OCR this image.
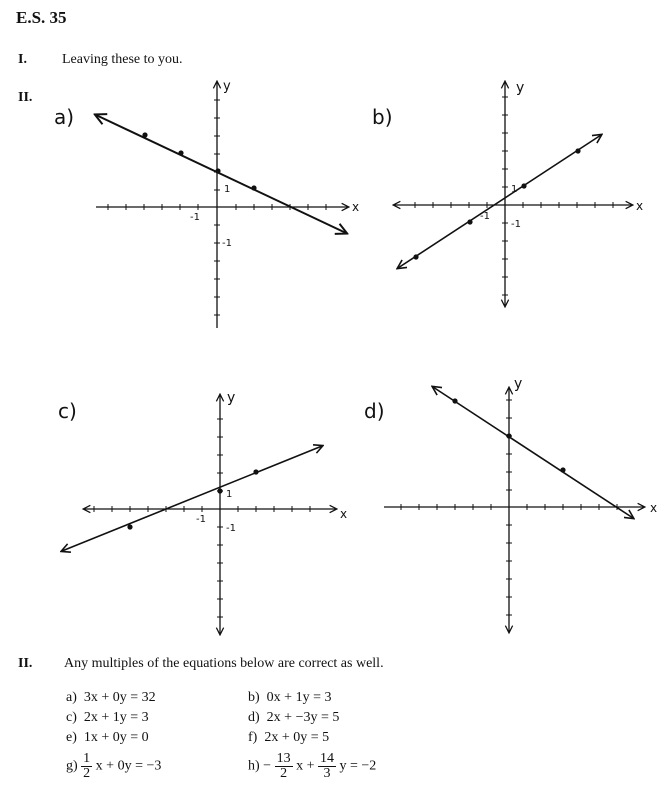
E.S. 35
I.	Leaving these to you.
II.
a)
x
y
1
-1
-1
b)
x
y
1
-1
-1
c)
x
y
1
-1
-1
d)
x
y
II. Any multiples of the equations below are correct as well.
a) 3x + 0y = 32	b) 0x + 1y = 3
c) 2x + 1y = 3	d) 2x + −3y = 5
e) 1x + 0y = 0	f) 2x + 0y = 5
$g) \frac{1}{2}$ x + 0y = −3	$h) - \frac{13}{2}$ $x + \frac{14}{3}$ y = −2
